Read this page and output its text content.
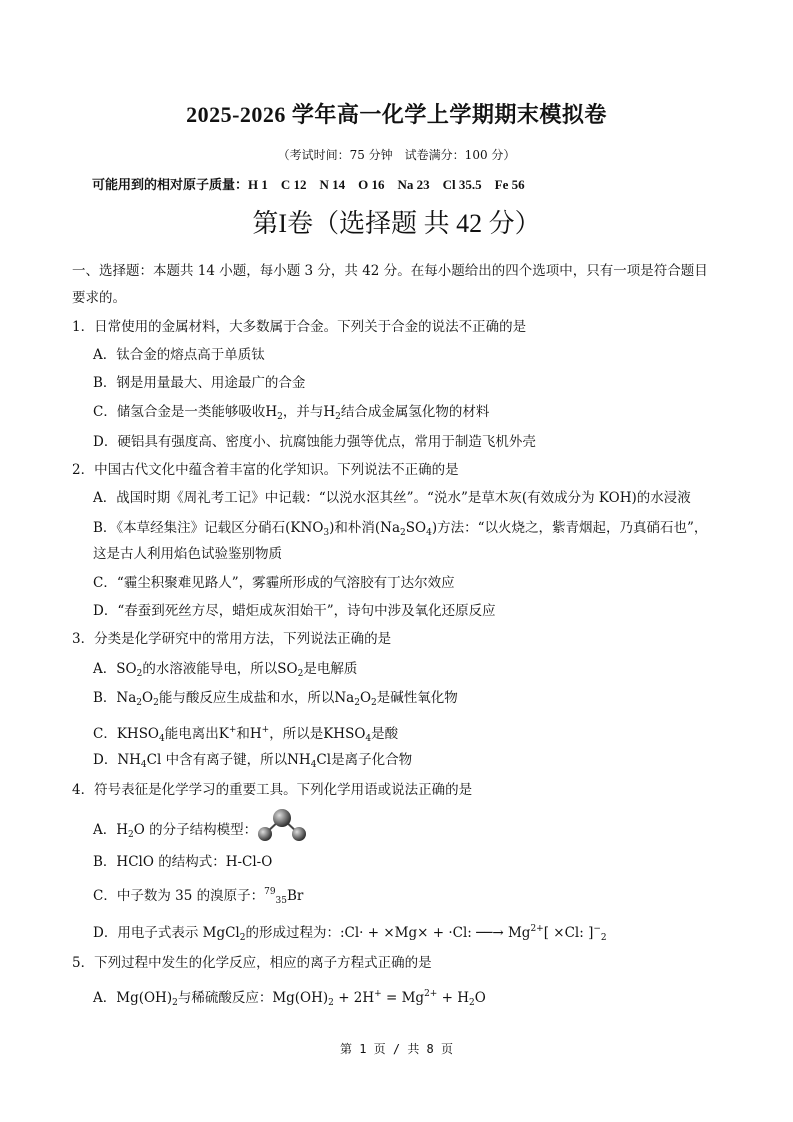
2025-2026 学年高一化学上学期期末模拟卷
（考试时间：75 分钟　试卷满分：100 分）
可能用到的相对原子质量：H 1　C 12　N 14　O 16　Na 23　Cl 35.5　Fe 56
第I卷（选择题 共 42 分）
一、选择题：本题共 14 小题，每小题 3 分，共 42 分。在每小题给出的四个选项中，只有一项是符合题目
要求的。
1．日常使用的金属材料，大多数属于合金。下列关于合金的说法不正确的是
A．钛合金的熔点高于单质钛
B．钢是用量最大、用途最广的合金
C．储氢合金是一类能够吸收$H_2$，并与$H_2$结合成金属氢化物的材料
D．硬铝具有强度高、密度小、抗腐蚀能力强等优点，常用于制造飞机外壳
2．中国古代文化中蕴含着丰富的化学知识。下列说法不正确的是
A．战国时期《周礼考工记》中记载：“以涚水沤其丝”。“涚水”是草木灰(有效成分为 KOH)的水浸液
B．《本草经集注》记载区分硝石$(KNO_3)$和朴消$(Na_2SO_4)$方法：“以火烧之，紫青烟起，乃真硝石也”，
这是古人利用焰色试验鉴别物质
C．“霾尘积聚难见路人”，雾霾所形成的气溶胶有丁达尔效应
D．“春蚕到死丝方尽，蜡炬成灰泪始干”，诗句中涉及氧化还原反应
3．分类是化学研究中的常用方法，下列说法正确的是
A．$SO_2$的水溶液能导电，所以$SO_2$是电解质
B．$Na_2O_2$能与酸反应生成盐和水，所以$Na_2O_2$是碱性氧化物
C．$KHSO_4$能电离出K+和H+，所以是$KHSO_4$是酸
D．$NH_4Cl$ 中含有离子键，所以$NH_4Cl$是离子化合物
4．符号表征是化学学习的重要工具。下列化学用语或说法正确的是
A．$H_2O$ 的分子结构模型：
B．HClO 的结构式：H-Cl-O
C．中子数为 35 的溴原子：$^{79}_{35}$Br
D．用电子式表示 MgCl$_2$的形成过程为：:Cl· + ×Mg× + ·Cl: ──→ $Mg^{2+}[ \times Cl$: ]$^-_2$
5．下列过程中发生的化学反应，相应的离子方程式正确的是
A．$Mg(OH)_2$与稀硫酸反应：$Mg(OH)_2 + 2H^+ = Mg^{2+} + H_2O$
第 1 页 / 共 8 页
